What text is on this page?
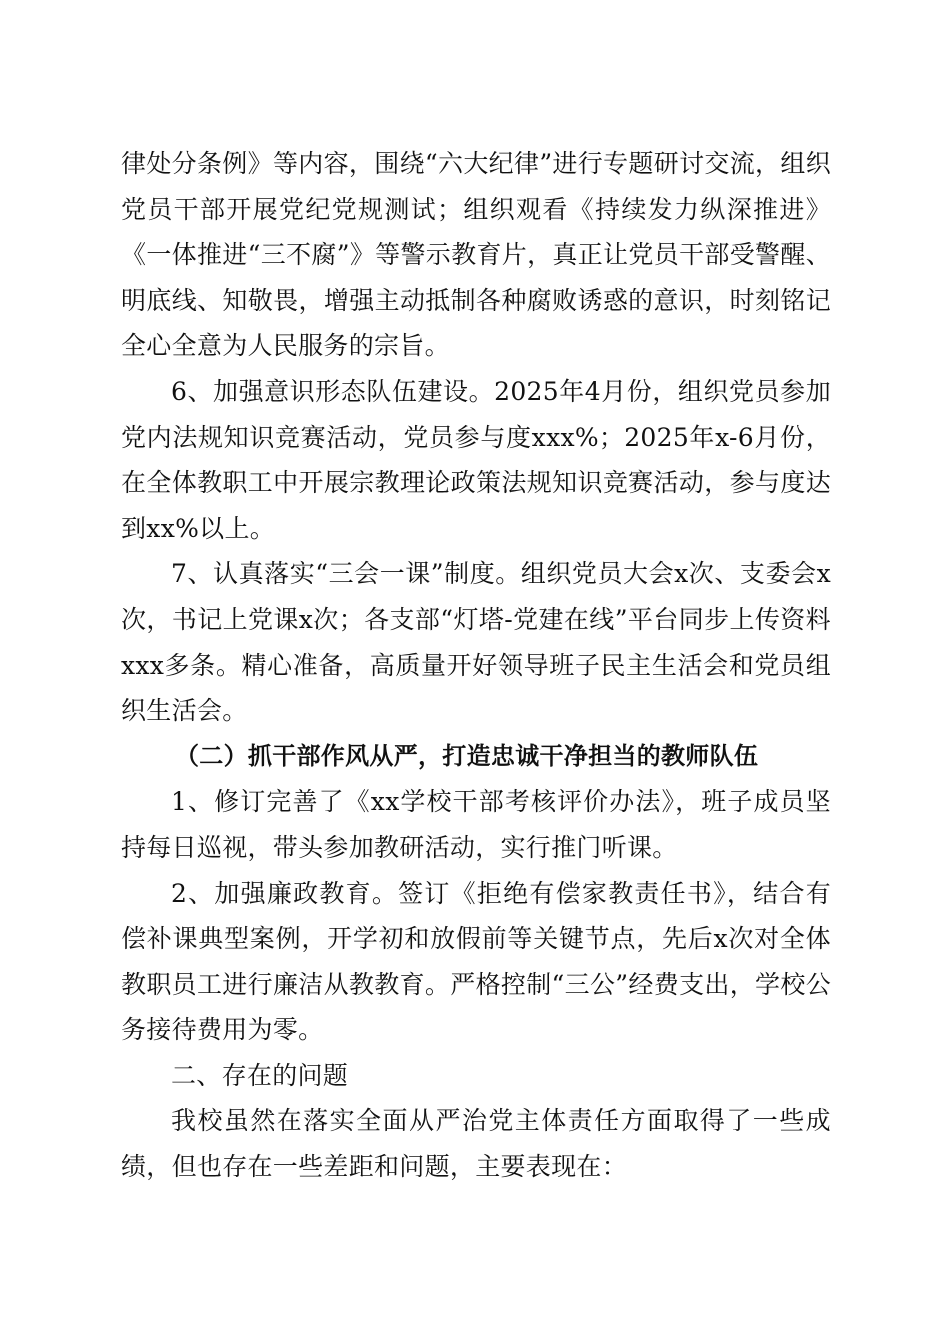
律处分条例》等内容，围绕“六大纪律”进行专题研讨交流，组织党员干部开展党纪党规测试；组织观看《持续发力纵深推进》《一体推进“三不腐”》等警示教育片，真正让党员干部受警醒、明底线、知敬畏，增强主动抵制各种腐败诱惑的意识，时刻铭记全心全意为人民服务的宗旨。

6、加强意识形态队伍建设。2025年4月份，组织党员参加党内法规知识竞赛活动，党员参与度xxx%；2025年x-6月份，在全体教职工中开展宗教理论政策法规知识竞赛活动，参与度达到xx%以上。

7、认真落实“三会一课”制度。组织党员大会x次、支委会x次，书记上党课x次；各支部“灯塔-党建在线”平台同步上传资料xxx多条。精心准备，高质量开好领导班子民主生活会和党员组织生活会。

（二）抓干部作风从严，打造忠诚干净担当的教师队伍

1、修订完善了《xx学校干部考核评价办法》，班子成员坚持每日巡视，带头参加教研活动，实行推门听课。

2、加强廉政教育。签订《拒绝有偿家教责任书》，结合有偿补课典型案例，开学初和放假前等关键节点，先后x次对全体教职员工进行廉洁从教教育。严格控制“三公”经费支出，学校公务接待费用为零。

二、存在的问题

我校虽然在落实全面从严治党主体责任方面取得了一些成绩，但也存在一些差距和问题，主要表现在：
